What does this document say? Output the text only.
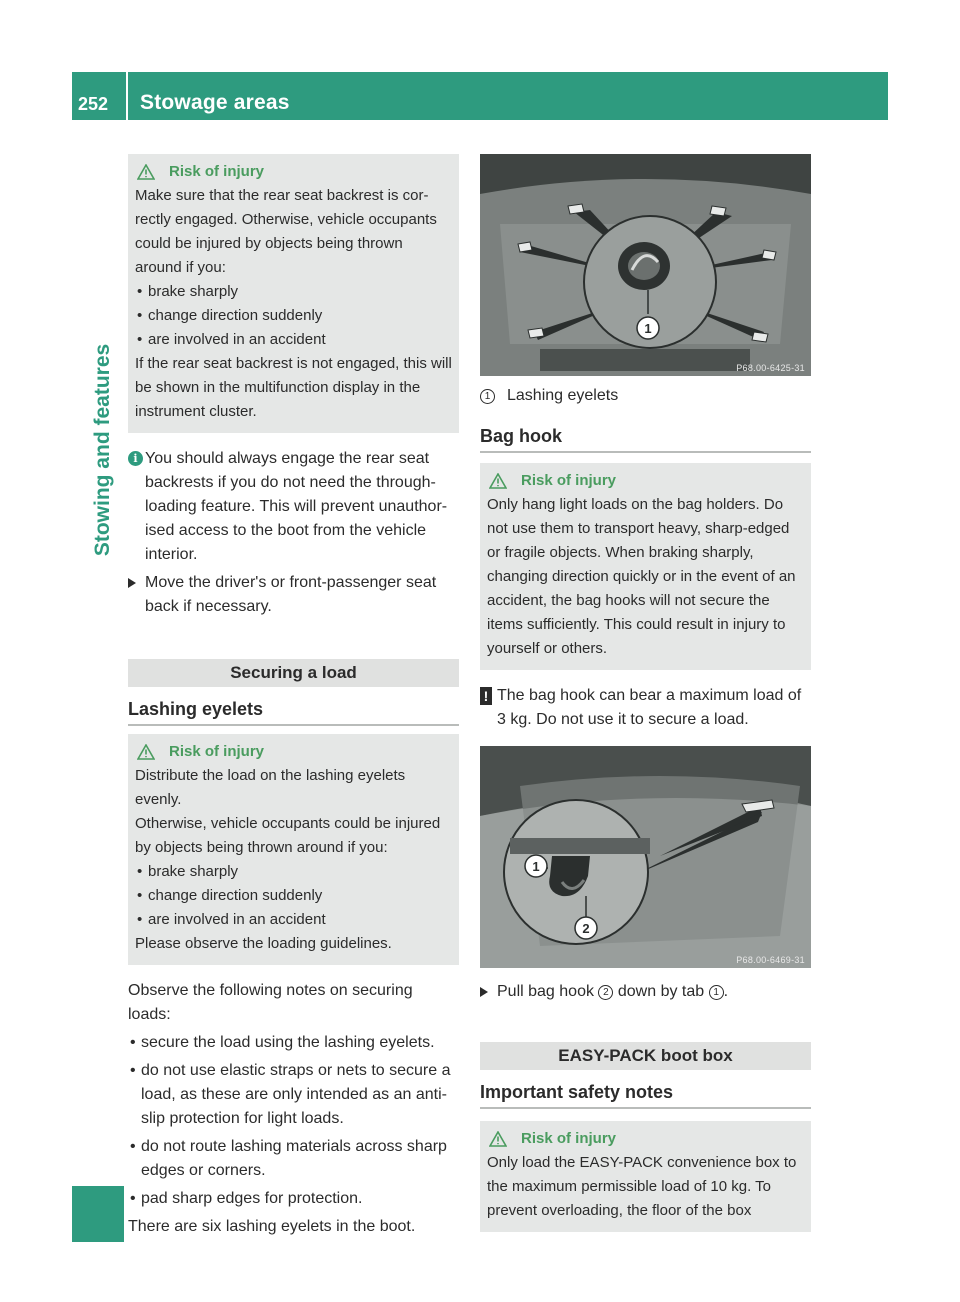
252	Stowage areas
Stowing and features
Risk of injury

Make sure that the rear seat backrest is cor-rectly engaged. Otherwise, vehicle occupants could be injured by objects being thrown around if you:

• brake sharply

• change direction suddenly

• are involved in an accident

If the rear seat backrest is not engaged, this will be shown in the multifunction display in the instrument cluster.

i You should always engage the rear seat backrests if you do not need the through-loading feature. This will prevent unauthor-ised access to the boot from the vehicle interior.
Move the driver's or front-passenger seat back if necessary.
Securing a load
Lashing eyelets
Risk of injury

Distribute the load on the lashing eyelets evenly.

Otherwise, vehicle occupants could be injured by objects being thrown around if you:

• brake sharply

• change direction suddenly

• are involved in an accident

Please observe the loading guidelines.

Observe the following notes on securing loads:

• secure the load using the lashing eyelets.

• do not use elastic straps or nets to secure a load, as these are only intended as an anti-slip protection for light loads.

• do not route lashing materials across sharp edges or corners.

• pad sharp edges for protection.

There are six lashing eyelets in the boot.

1
P68.00-6425-31
1 Lashing eyelets
Bag hook
Risk of injury

Only hang light loads on the bag holders. Do not use them to transport heavy, sharp-edged or fragile objects. When braking sharply, changing direction quickly or in the event of an accident, the bag hooks will not secure the items sufficiently. This could result in injury to yourself or others.

! The bag hook can bear a maximum load of 3 kg. Do not use it to secure a load.
1
2
P68.00-6469-31
Pull bag hook 2 down by tab 1 .
EASY-PACK boot box
Important safety notes
Risk of injury

Only load the EASY-PACK convenience box to the maximum permissible load of 10 kg. To prevent overloading, the floor of the box
